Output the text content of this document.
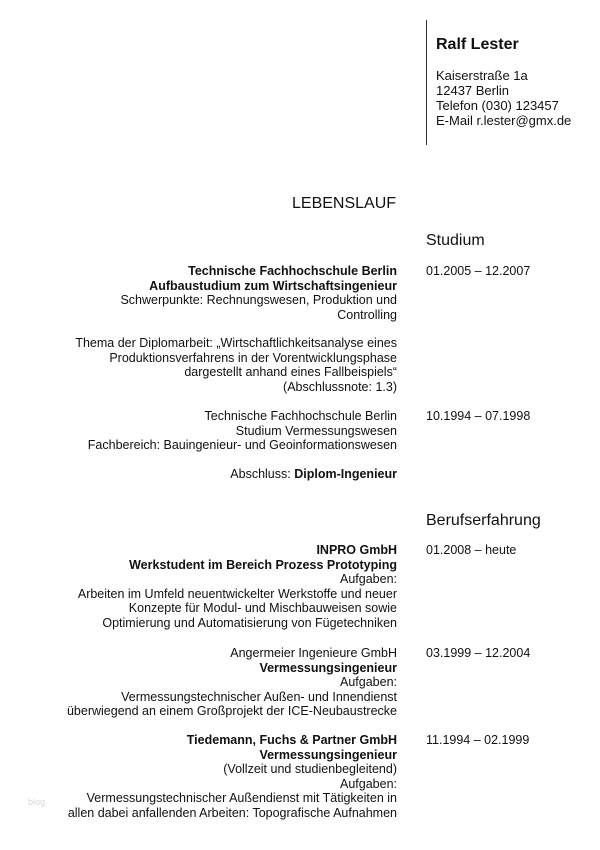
Ralf Lester
Kaiserstraße 1a
12437 Berlin
Telefon (030) 123457
E-Mail r.lester@gmx.de
LEBENSLAUF
Studium
01.2005 – 12.2007
Technische Fachhochschule Berlin
Aufbaustudium zum Wirtschaftsingenieur
Schwerpunkte: Rechnungswesen, Produktion und
Controlling
Thema der Diplomarbeit: „Wirtschaftlichkeitsanalyse eines
Produktionsverfahrens in der Vorentwicklungsphase
dargestellt anhand eines Fallbeispiels“
(Abschlussnote: 1.3)
10.1994 – 07.1998
Technische Fachhochschule Berlin
Studium Vermessungswesen
Fachbereich: Bauingenieur- und Geoinformationswesen
Abschluss: Diplom-Ingenieur
Berufserfahrung
01.2008 – heute
INPRO GmbH
Werkstudent im Bereich Prozess Prototyping
Aufgaben:
Arbeiten im Umfeld neuentwickelter Werkstoffe und neuer
Konzepte für Modul- und Mischbauweisen sowie
Optimierung und Automatisierung von Fügetechniken
03.1999 – 12.2004
Angermeier Ingenieure GmbH
Vermessungsingenieur
Aufgaben:
Vermessungstechnischer Außen- und Innendienst
überwiegend an einem Großprojekt der ICE-Neubaustrecke
11.1994 – 02.1999
Tiedemann, Fuchs & Partner GmbH
Vermessungsingenieur
(Vollzeit und studienbegleitend)
Aufgaben:
Vermessungstechnischer Außendienst mit Tätigkeiten in
allen dabei anfallenden Arbeiten: Topografische Aufnahmen
blog
